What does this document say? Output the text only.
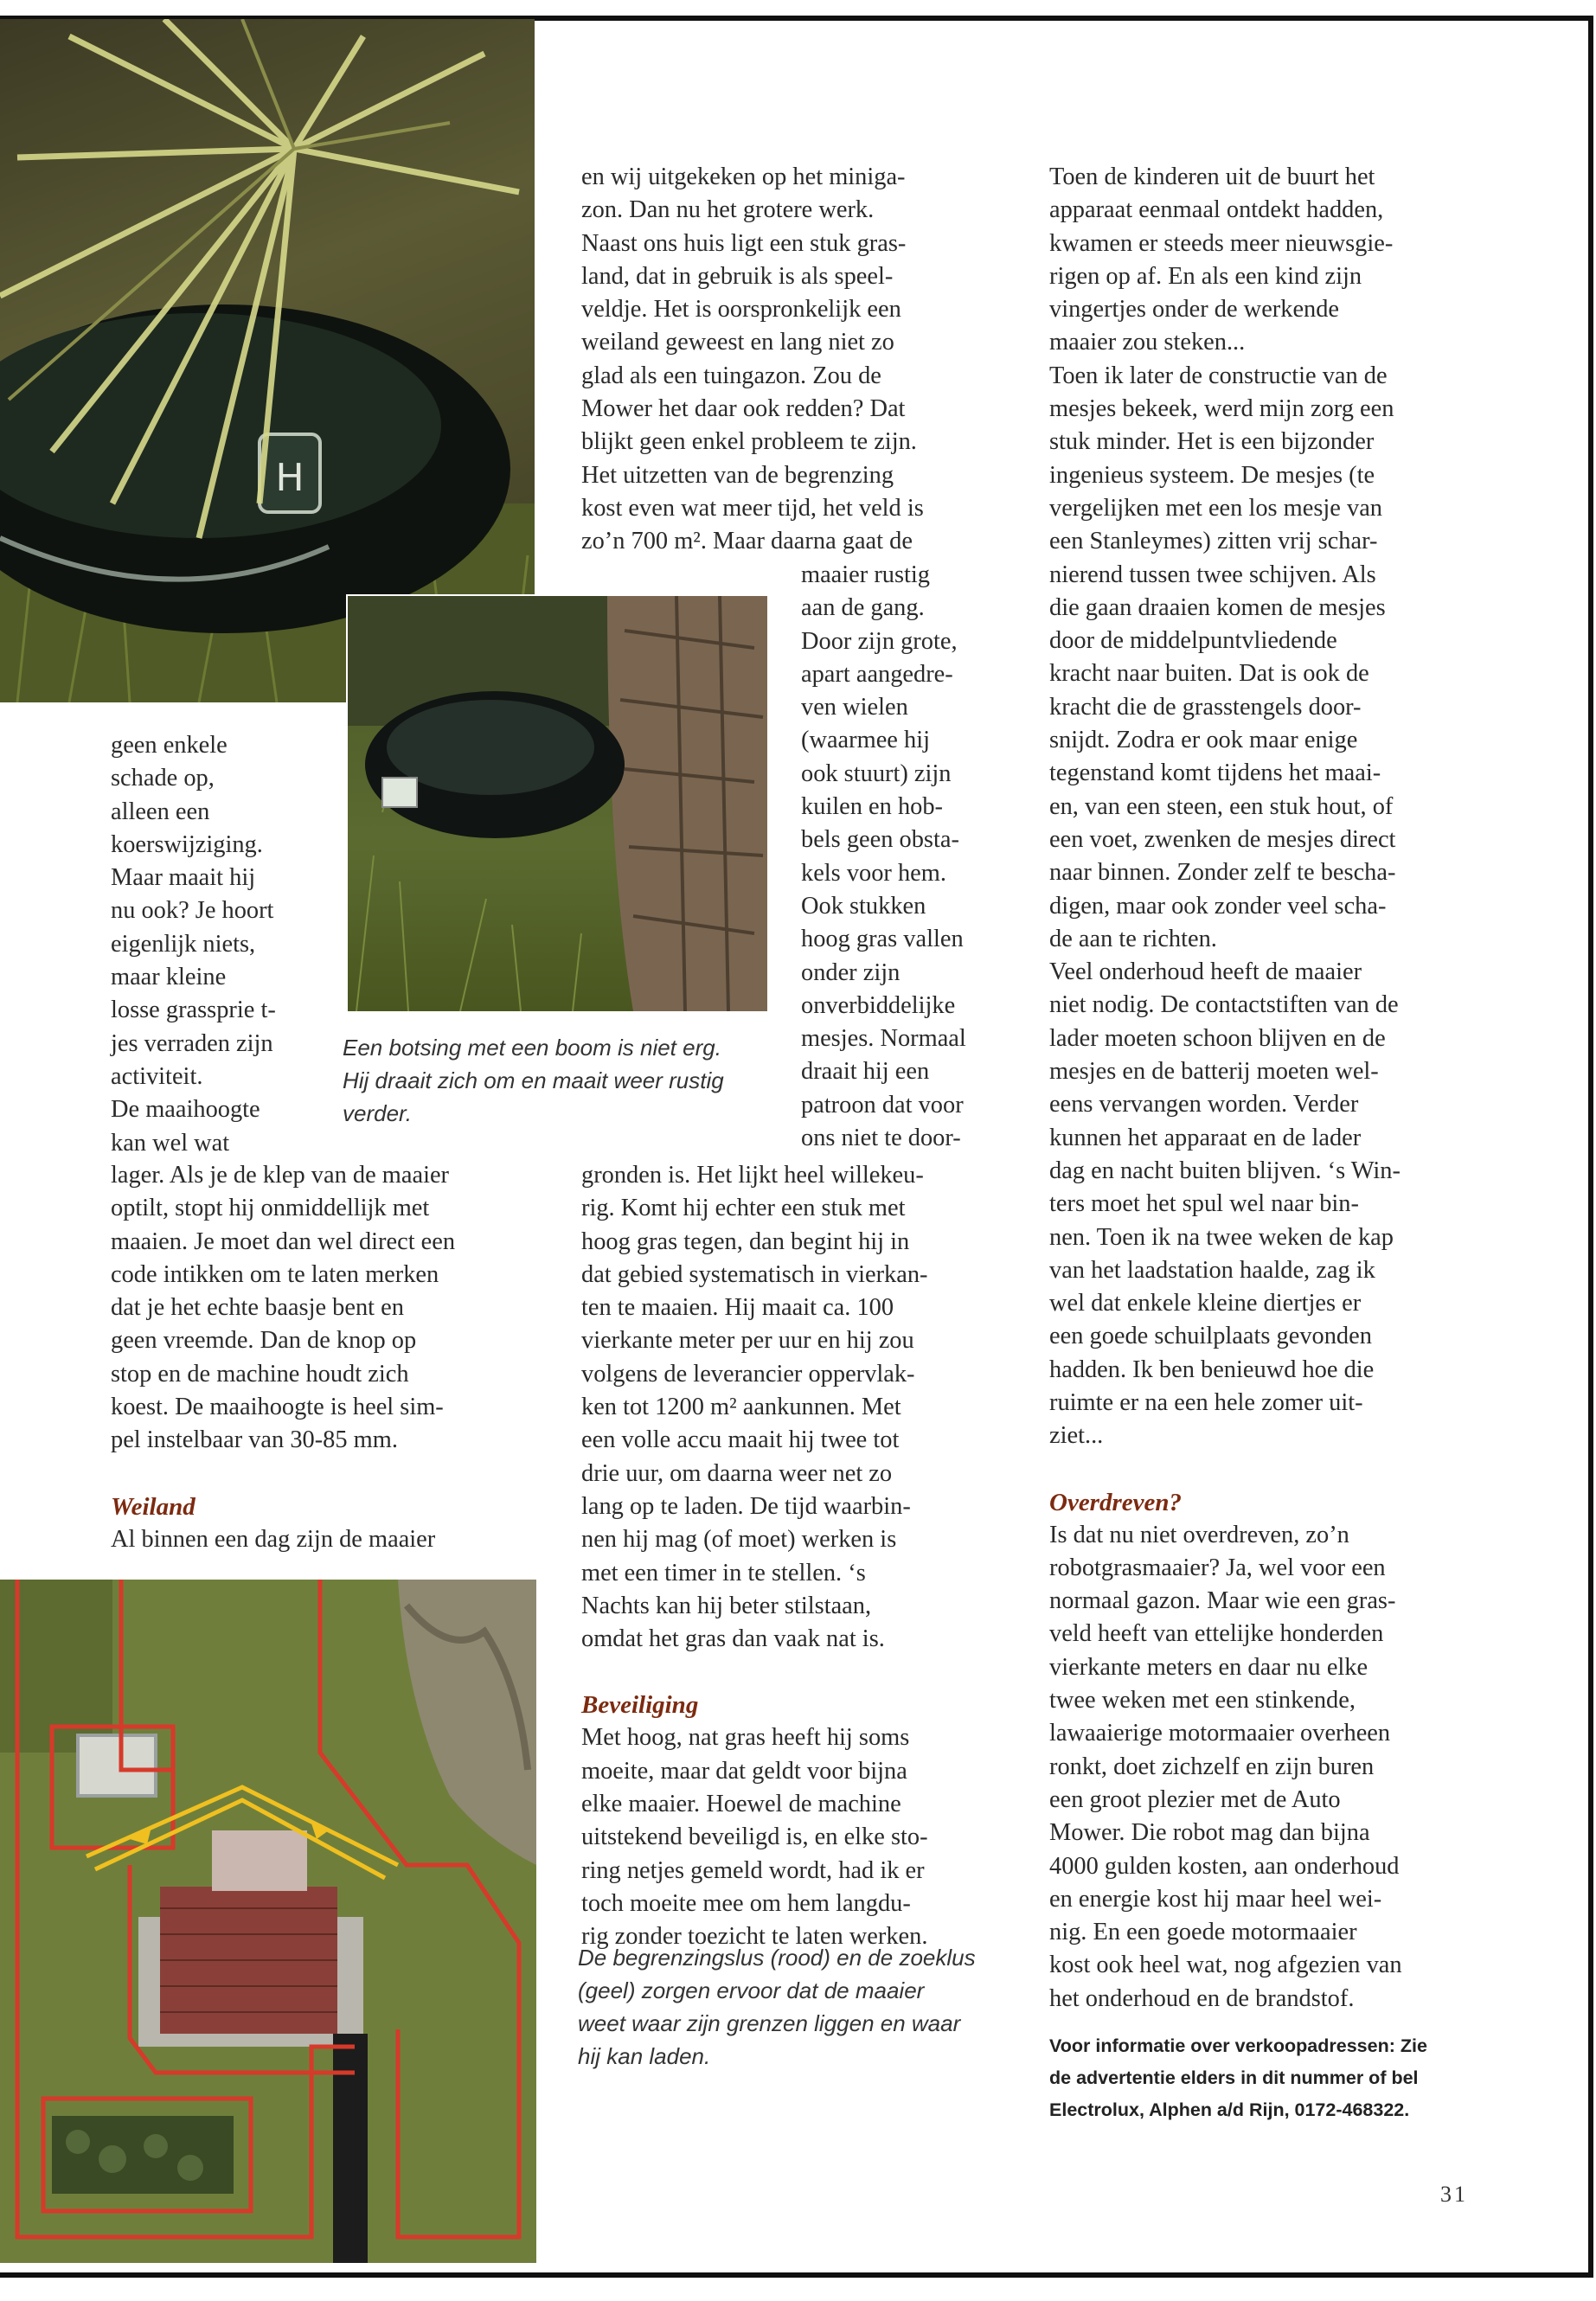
H
Een botsing met een boom is niet erg.
Hij draait zich om en maait weer rustig
verder.

geen enkele
schade op,
alleen een
koerswijziging.
Maar maait hij
nu ook? Je hoort
eigenlijk niets,
maar kleine
losse grassprie t-
jes verraden zijn
activiteit.
De maaihoogte
kan wel wat

lager. Als je de klep van de maaier
optilt, stopt hij onmiddellijk met
maaien. Je moet dan wel direct een
code intikken om te laten merken
dat je het echte baasje bent en
geen vreemde. Dan de knop op
stop en de machine houdt zich
koest. De maaihoogte is heel sim-
pel instelbaar van 30-85 mm.

Weiland

Al binnen een dag zijn de maaier

en wij uitgekeken op het miniga-
zon. Dan nu het grotere werk.
Naast ons huis ligt een stuk gras-
land, dat in gebruik is als speel-
veldje. Het is oorspronkelijk een
weiland geweest en lang niet zo
glad als een tuingazon. Zou de
Mower het daar ook redden? Dat
blijkt geen enkel probleem te zijn.
Het uitzetten van de begrenzing
kost even wat meer tijd, het veld is
zo’n 700 m². Maar daarna gaat de

maaier rustig
aan de gang.
Door zijn grote,
apart aangedre-
ven wielen
(waarmee hij
ook stuurt) zijn
kuilen en hob-
bels geen obsta-
kels voor hem.
Ook stukken
hoog gras vallen
onder zijn
onverbiddelijke
mesjes. Normaal
draait hij een
patroon dat voor
ons niet te door-

gronden is. Het lijkt heel willekeu-
rig. Komt hij echter een stuk met
hoog gras tegen, dan begint hij in
dat gebied systematisch in vierkan-
ten te maaien. Hij maait ca. 100
vierkante meter per uur en hij zou
volgens de leverancier oppervlak-
ken tot 1200 m² aankunnen. Met
een volle accu maait hij twee tot
drie uur, om daarna weer net zo
lang op te laden. De tijd waarbin-
nen hij mag (of moet) werken is
met een timer in te stellen. ‘s
Nachts kan hij beter stilstaan,
omdat het gras dan vaak nat is.

Beveiliging

Met hoog, nat gras heeft hij soms
moeite, maar dat geldt voor bijna
elke maaier. Hoewel de machine
uitstekend beveiligd is, en elke sto-
ring netjes gemeld wordt, had ik er
toch moeite mee om hem langdu-
rig zonder toezicht te laten werken.

De begrenzingslus (rood) en de zoeklus
(geel) zorgen ervoor dat de maaier
weet waar zijn grenzen liggen en waar
hij kan laden.

Toen de kinderen uit de buurt het
apparaat eenmaal ontdekt hadden,
kwamen er steeds meer nieuwsgie-
rigen op af. En als een kind zijn
vingertjes onder de werkende
maaier zou steken...
Toen ik later de constructie van de
mesjes bekeek, werd mijn zorg een
stuk minder. Het is een bijzonder
ingenieus systeem. De mesjes (te
vergelijken met een los mesje van
een Stanleymes) zitten vrij schar-
nierend tussen twee schijven. Als
die gaan draaien komen de mesjes
door de middelpuntvliedende
kracht naar buiten. Dat is ook de
kracht die de grasstengels door-
snijdt. Zodra er ook maar enige
tegenstand komt tijdens het maai-
en, van een steen, een stuk hout, of
een voet, zwenken de mesjes direct
naar binnen. Zonder zelf te bescha-
digen, maar ook zonder veel scha-
de aan te richten.
Veel onderhoud heeft de maaier
niet nodig. De contactstiften van de
lader moeten schoon blijven en de
mesjes en de batterij moeten wel-
eens vervangen worden. Verder
kunnen het apparaat en de lader
dag en nacht buiten blijven. ‘s Win-
ters moet het spul wel naar bin-
nen. Toen ik na twee weken de kap
van het laadstation haalde, zag ik
wel dat enkele kleine diertjes er
een goede schuilplaats gevonden
hadden. Ik ben benieuwd hoe die
ruimte er na een hele zomer uit-
ziet...

Overdreven?

Is dat nu niet overdreven, zo’n
robotgrasmaaier? Ja, wel voor een
normaal gazon. Maar wie een gras-
veld heeft van ettelijke honderden
vierkante meters en daar nu elke
twee weken met een stinkende,
lawaaierige motormaaier overheen
ronkt, doet zichzelf en zijn buren
een groot plezier met de Auto
Mower. Die robot mag dan bijna
4000 gulden kosten, aan onderhoud
en energie kost hij maar heel wei-
nig. En een goede motormaaier
kost ook heel wat, nog afgezien van
het onderhoud en de brandstof.

Voor informatie over verkoopadressen: Zie
de advertentie elders in dit nummer of bel
Electrolux, Alphen a/d Rijn, 0172-468322.
31
